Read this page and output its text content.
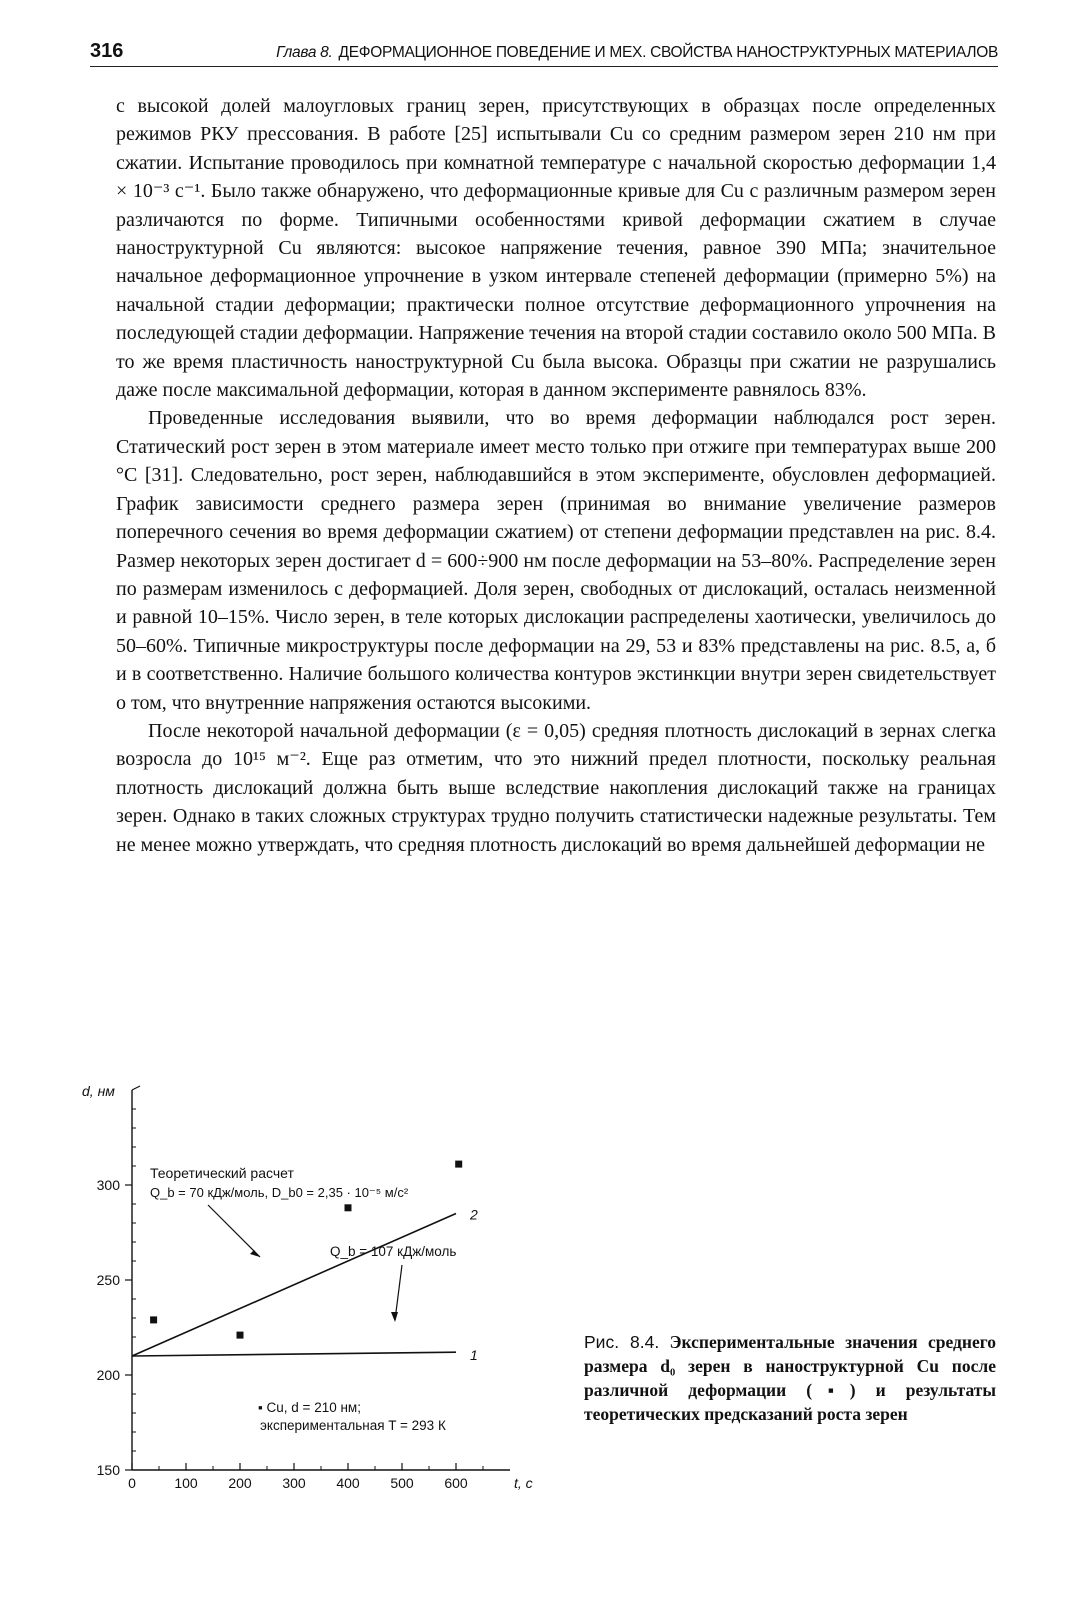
316	Глава 8. ДЕФОРМАЦИОННОЕ ПОВЕДЕНИЕ И МЕХ. СВОЙСТВА НАНОСТРУКТУРНЫХ МАТЕРИАЛОВ

с высокой долей малоугловых границ зерен, присутствующих в образцах после определенных режимов РКУ прессования. В работе [25] испытывали Cu со средним размером зерен 210 нм при сжатии. Испытание проводилось при комнатной температуре с начальной скоростью деформации 1,4 × 10⁻³ с⁻¹. Было также обнаружено, что деформационные кривые для Cu с различным размером зерен различаются по форме. Типичными особенностями кривой деформации сжатием в случае наноструктурной Cu являются: высокое напряжение течения, равное 390 МПа; значительное начальное деформационное упрочнение в узком интервале степеней деформации (примерно 5%) на начальной стадии деформации; практически полное отсутствие деформационного упрочнения на последующей стадии деформации. Напряжение течения на второй стадии составило около 500 МПа. В то же время пластичность наноструктурной Cu была высока. Образцы при сжатии не разрушались даже после максимальной деформации, которая в данном эксперименте равнялось 83%.

Проведенные исследования выявили, что во время деформации наблюдался рост зерен. Статический рост зерен в этом материале имеет место только при отжиге при температурах выше 200 °С [31]. Следовательно, рост зерен, наблюдавшийся в этом эксперименте, обусловлен деформацией. График зависимости среднего размера зерен (принимая во внимание увеличение размеров поперечного сечения во время деформации сжатием) от степени деформации представлен на рис. 8.4. Размер некоторых зерен достигает d = 600÷900 нм после деформации на 53–80%. Распределение зерен по размерам изменилось с деформацией. Доля зерен, свободных от дислокаций, осталась неизменной и равной 10–15%. Число зерен, в теле которых дислокации распределены хаотически, увеличилось до 50–60%. Типичные микроструктуры после деформации на 29, 53 и 83% представлены на рис. 8.5, а, б и в соответственно. Наличие большого количества контуров экстинкции внутри зерен свидетельствует о том, что внутренние напряжения остаются высокими.

После некоторой начальной деформации (ε = 0,05) средняя плотность дислокаций в зернах слегка возросла до 10¹⁵ м⁻². Еще раз отметим, что это нижний предел плотности, поскольку реальная плотность дислокаций должна быть выше вследствие накопления дислокаций также на границах зерен. Однако в таких сложных структурах трудно получить статистически надежные результаты. Тем не менее можно утверждать, что средняя плотность дислокаций во время дальнейшей деформации не

150
200
250
300
0	100 200 300 400 500 600
d, нм
t, с
2
1
Теоретический расчет
Q_b = 70 кДж/моль, D_b0 = 2,35 · 10⁻⁵ м/с²
Q_b = 107 кДж/моль
▪ Cu, d = 210 нм;
экспериментальная T = 293 К
Рис. 8.4. Экспериментальные значения среднего размера d₀ зерен в наноструктурной Cu после различной деформации (▪) и результаты теоретических предсказаний роста зерен
